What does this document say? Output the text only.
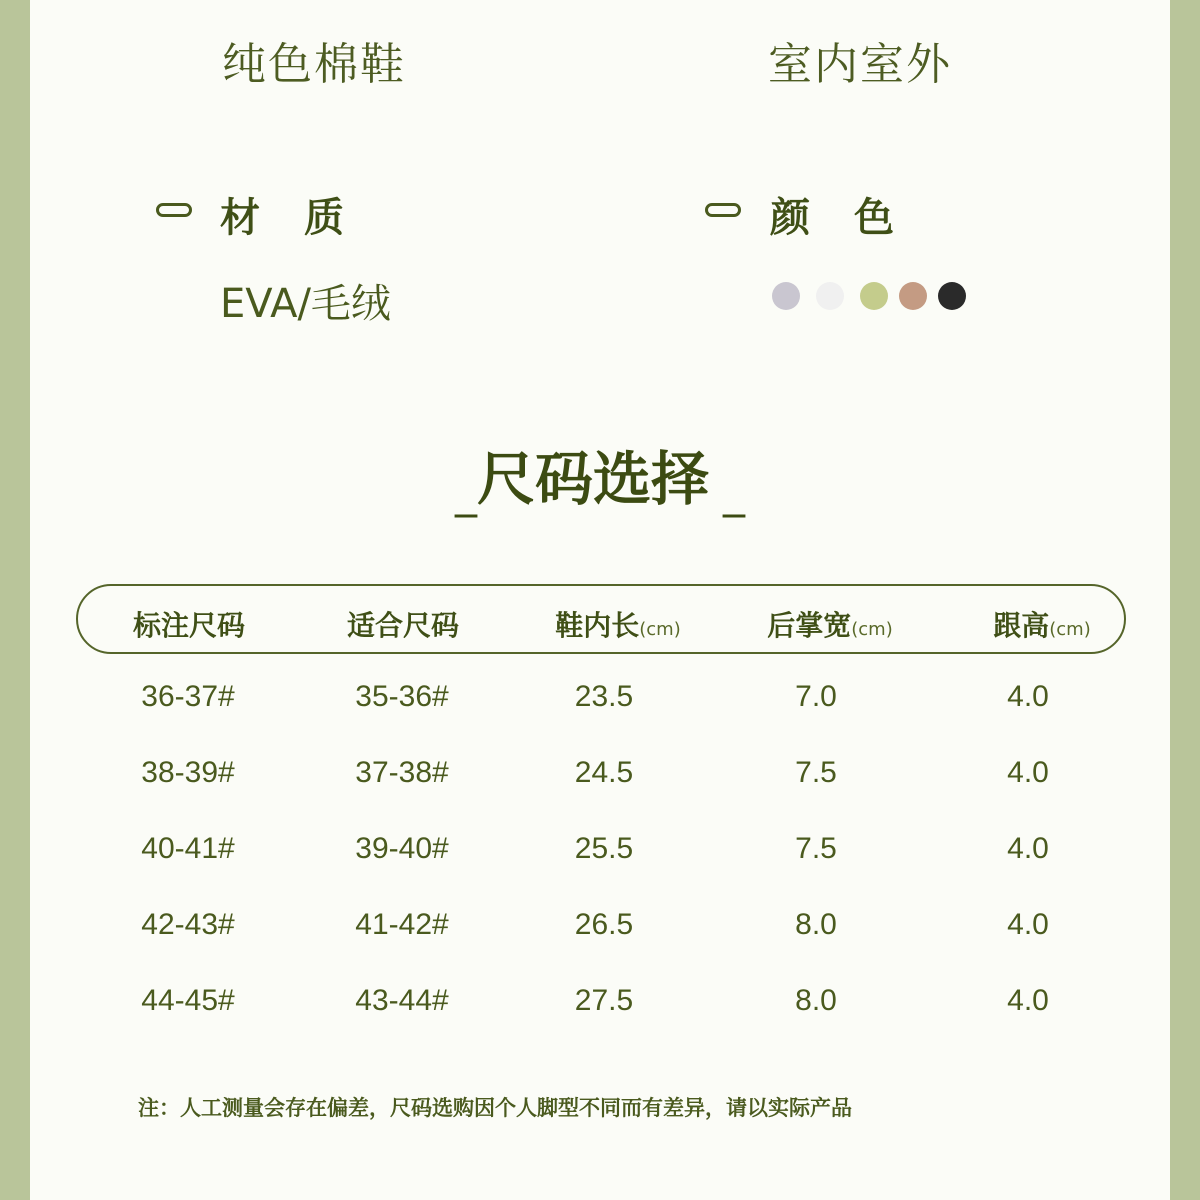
纯色棉鞋	室内室外
材　质
EVA/毛绒
颜　色
_尺码选择 _
标注尺码	适合尺码	鞋内长(cm)	后掌宽(cm)	跟高(cm)
36-37#	35-36#	23.5	7.0	4.0
38-39#	37-38#	24.5	7.5	4.0
40-41#	39-40#	25.5	7.5	4.0
42-43#	41-42#	26.5	8.0	4.0
44-45#	43-44#	27.5	8.0	4.0
注：人工测量会存在偏差，尺码选购因个人脚型不同而有差异，请以实际产品
